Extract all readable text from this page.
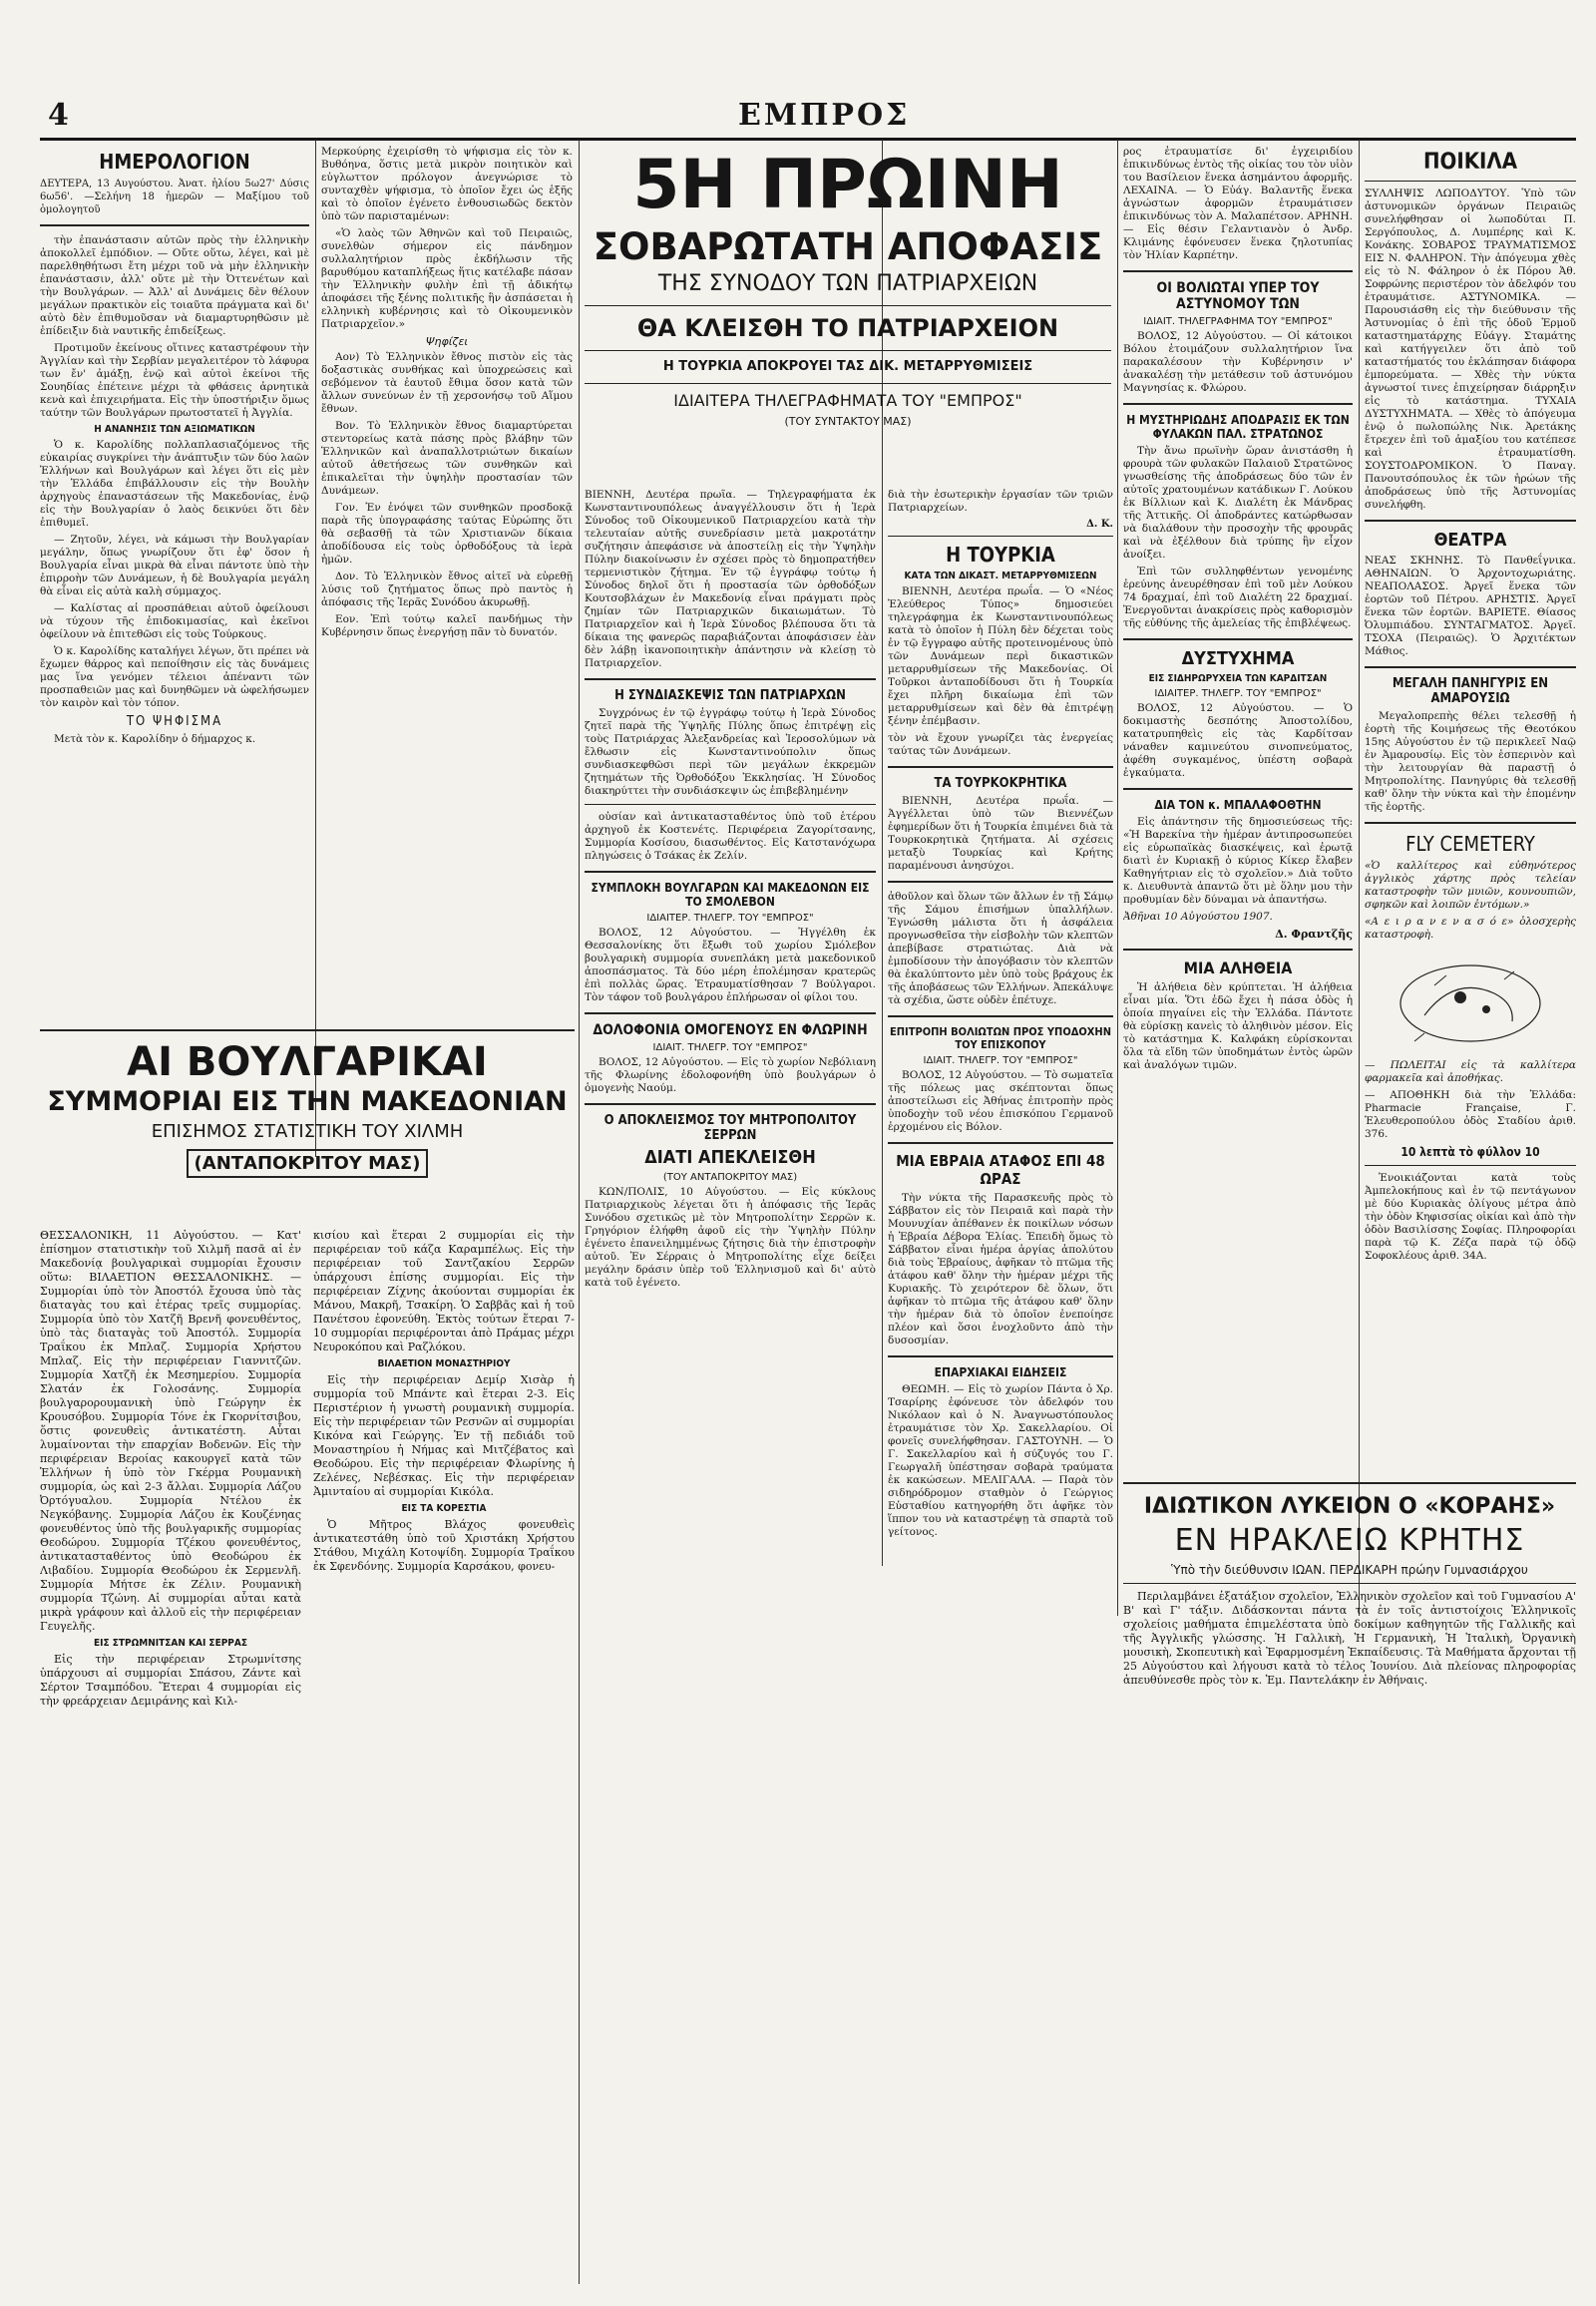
4	ΕΜΠΡΟΣ
ΗΜΕΡΟΛΟΓΙΟΝ

ΔΕΥΤΕΡΑ, 13 Αυγούστου. Ἀνατ. ἡλίου 5ω27' Δύσις 6ω56'. —Σελήνη 18 ἡμερῶν — Μαξίμου τοῦ ὁμολογητοῦ

τὴν ἐπανάστασιν αὐτῶν πρὸς τὴν ἑλληνικὴν ἀποκολλεῖ ἐμπόδιον. — Οὔτε οὕτω, λέγει, καὶ μὲ παρελθηθήτωσι ἔτη μέχρι τοῦ νὰ μὴν ἑλληνικὴν ἐπανάστασιν, ἀλλ' οὔτε μὲ τὴν Ὀττενέτων καὶ τὴν Βουλγάρων. — Ἀλλ' αἱ Δυνάμεις δὲν θέλουν μεγάλων πρακτικὸν εἰς τοιαῦτα πράγματα καὶ δι' αὐτὸ δὲν ἐπιθυμοῦσαν νὰ διαμαρτυρηθῶσιν μὲ ἐπίδειξιν διὰ ναυτικῆς ἐπιδείξεως.

Προτιμοῦν ἐκείνους οἵτινες καταστρέφουν τὴν Ἀγγλίαν καὶ τὴν Σερβίαν μεγαλειτέρον τὸ λάφυρα των ἔν' ἀμάξῃ, ἐνῷ καὶ αὐτοὶ ἐκείνοι τῆς Σουηδίας ἐπέτεινε μέχρι τὰ φθάσεις ἀρνητικὰ κενὰ καὶ ἐπιχειρήματα. Εἰς τὴν ὑποστήριξιν ὅμως ταύτην τῶν Βουλγάρων πρωτοστατεῖ ἡ Ἀγγλία.

Η ΑΝΑΝΗΣΙΣ ΤΩΝ ΑΞΙΩΜΑΤΙΚΩΝ

Ὁ κ. Καρολίδης πολλαπλασιαζόμενος τῆς εὐκαιρίας συγκρίνει τὴν ἀνάπτυξιν τῶν δύο λαῶν Ἑλλήνων καὶ Βουλγάρων καὶ λέγει ὅτι εἰς μὲν τὴν Ἑλλάδα ἐπιβάλλουσιν εἰς τὴν Βουλὴν ἀρχηγοὺς ἐπαναστάσεων τῆς Μακεδονίας, ἐνῷ εἰς τὴν Βουλγαρίαν ὁ λαὸς δεικνύει ὅτι δὲν ἐπιθυμεῖ.

— Ζητοῦν, λέγει, νὰ κάμωσι τὴν Βουλγαρίαν μεγάλην, ὅπως γνωρίζουν ὅτι ἐφ' ὅσον ἡ Βουλγαρία εἶναι μικρὰ θὰ εἶναι πάντοτε ὑπὸ τὴν ἐπιρροὴν τῶν Δυνάμεων, ἡ δὲ Βουλγαρία μεγάλη θὰ εἶναι εἰς αὐτὰ καλὴ σύμμαχος.

— Καλίστας αἱ προσπάθειαι αὐτοῦ ὀφείλουσι νὰ τύχουν τῆς ἐπιδοκιμασίας, καὶ ἐκεῖνοι ὀφείλουν νὰ ἐπιτεθῶσι εἰς τοὺς Τούρκους.

Ὁ κ. Καρολίδης καταλήγει λέγων, ὅτι πρέπει νὰ ἔχωμεν θάρρος καὶ πεποίθησιν εἰς τὰς δυνάμεις μας ἵνα γενόμεν τέλειοι ἀπέναντι τῶν προσπαθειῶν μας καὶ δυνηθῶμεν νὰ ὠφελήσωμεν τὸν καιρὸν καὶ τὸν τόπον.

ΤΟ ΨΗΦΙΣΜΑ

Μετὰ τὸν κ. Καρολίδην ὁ δήμαρχος κ.

Μερκούρης ἐχειρίσθη τὸ ψήφισμα εἰς τὸν κ. Βυθόηνα, ὅστις μετὰ μικρὸν ποιητικὸν καὶ εὐγλωττον πρόλογον ἀνεγνώρισε τὸ συνταχθὲν ψήφισμα, τὸ ὁποῖον ἔχει ὡς ἑξῆς καὶ τὸ ὁποῖον ἐγένετο ἐνθουσιωδῶς δεκτὸν ὑπὸ τῶν παρισταμένων:

«Ὁ λαὸς τῶν Ἀθηνῶν καὶ τοῦ Πειραιῶς, συνελθὼν σήμερον εἰς πάνδημον συλλαλητήριον πρὸς ἐκδήλωσιν τῆς βαρυθύμου καταπλήξεως ἥτις κατέλαβε πάσαν τὴν Ἑλληνικὴν φυλὴν ἐπὶ τῇ ἀδικήτῳ ἀποφάσει τῆς ξένης πολιτικῆς ἣν ἀσπάσεται ἡ ελληνικὴ κυβέρνησις καὶ τὸ Οἰκουμενικὸν Πατριαρχεῖον.»

Ψηφίζει

Αον) Τὸ Ἑλληνικὸν ἔθνος πιστὸν εἰς τὰς δοξαστικὰς συνθήκας καὶ ὑποχρεώσεις καὶ σεβόμενον τὰ ἐαυτοῦ ἔθιμα ὅσον κατὰ τῶν ἄλλων συνεύνων ἐν τῇ χερσονήσῳ τοῦ Αἵμου ἔθνων.

Βον. Τὸ Ἑλληνικὸν ἔθνος διαμαρτύρεται στεντορείως κατὰ πάσης πρὸς βλάβην τῶν Ἑλληνικῶν καὶ ἀναπαλλοτριώτων δικαίων αὐτοῦ ἀθετήσεως τῶν συνθηκῶν καὶ ἐπικαλεῖται τὴν ὑψηλὴν προστασίαν τῶν Δυνάμεων.

Γον. Ἐν ἐνόψει τῶν συνθηκῶν προσδοκᾷ παρὰ τῆς ὑπογραφάσης ταύτας Εὐρώπης ὅτι θὰ σεβασθῇ τὰ τῶν Χριστιανῶν δίκαια ἀποδίδουσα εἰς τοὺς ὀρθοδόξους τὰ ἱερὰ ἡμῶν.

Δον. Τὸ Ἑλληνικὸν ἔθνος αἰτεῖ νὰ εὑρεθῇ λύσις τοῦ ζητήματος ὅπως πρὸ παντὸς ἡ ἀπόφασις τῆς Ἱερᾶς Συνόδου ἀκυρωθῇ.

Εον. Ἐπὶ τούτῳ καλεῖ πανδήμως τὴν Κυβέρνησιν ὅπως ἐνεργήσῃ πᾶν τὸ δυνατόν.

ΑΙ ΒΟΥΛΓΑΡΙΚΑΙ
ΣΥΜΜΟΡΙΑΙ ΕΙΣ ΤΗΝ ΜΑΚΕΔΟΝΙΑΝ
ΕΠΙΣΗΜΟΣ ΣΤΑΤΙΣΤΙΚΗ ΤΟΥ ΧΙΛΜΗ
(ΑΝΤΑΠΟΚΡΙΤΟΥ ΜΑΣ)

ΘΕΣΣΑΛΟΝΙΚΗ, 11 Αὐγούστου. — Κατ' ἐπίσημον στατιστικὴν τοῦ Χιλμῆ πασᾶ αἱ ἐν Μακεδονίᾳ βουλγαρικαὶ συμμορίαι ἔχουσιν οὕτω: ΒΙΛΑΕΤΙΟΝ ΘΕΣΣΑΛΟΝΙΚΗΣ. — Συμμορίαι ὑπὸ τὸν Ἀποστόλ ἔχουσα ὑπὸ τὰς διαταγὰς του καὶ ἑτέρας τρεῖς συμμορίας. Συμμορία ὑπὸ τὸν Χατζῆ Βρενῆ φονευθέντος, ὑπὸ τὰς διαταγὰς τοῦ Ἀποστόλ. Συμμορία Τραΐκου ἐκ Μπλαζ. Συμμορία Χρήστου Μπλαζ. Εἰς τὴν περιφέρειαν Γιαννιτζῶν. Συμμορία Χατζῆ ἐκ Μεσημερίου. Συμμορία Σλατάν ἐκ Γολοσάνης. Συμμορία βουλγαρορουμανικὴ ὑπὸ Γεώργην ἐκ Κρουσόβου. Συμμορία Τόνε ἐκ Γκορνίτσιβου, ὅστις φονευθεὶς ἀντικατέστη. Αὗται λυμαίνονται τὴν επαρχίαν Βοδενῶν. Εἰς τὴν περιφέρειαν Βεροίας κακουργεῖ κατὰ τῶν Ἑλλήνων ἡ ὑπὸ τὸν Γκέρμα Ρουμανικὴ συμμορία, ὡς καὶ 2-3 ἄλλαι. Συμμορία Λάζου Ὀρτόγυαλου. Συμμορία Ντέλου ἐκ Νεγκόβανης. Συμμορία Λάζου ἐκ Κουζένηας φονευθέντος ὑπὸ τῆς βουλγαρικῆς συμμορίας Θεοδώρου. Συμμορία Τζέκου φονευθέντος, ἀντικατασταθέντος ὑπὸ Θεοδώρου ἐκ Λιβαδίου. Συμμορία Θεοδώρου ἐκ Σερμενλῆ. Συμμορία Μήτσε ἐκ Ζέλιν. Ρουμανικὴ συμμορία Τζώνη. Αἱ συμμορίαι αὗται κατὰ μικρὰ γράφουν καὶ ἀλλοῦ εἰς τὴν περιφέρειαν Γευγελῆς.

ΕΙΣ ΣΤΡΩΜΝΙΤΣΑΝ ΚΑΙ ΣΕΡΡΑΣ

Εἰς τὴν περιφέρειαν Στρωμνίτσης ὑπάρχουσι αἱ συμμορίαι Σπάσου, Ζάντε καὶ Σέρτον Τσαμπόδου. Ἕτεραι 4 συμμορίαι εἰς τὴν φρεάρχειαν Δεμιράνης καὶ Κιλ-

κισίου καὶ ἕτεραι 2 συμμορίαι εἰς τὴν περιφέρειαν τοῦ κάζα Καραμπέλως. Εἰς τὴν περιφέρειαν τοῦ Σαντζακίου Σερρῶν ὑπάρχουσι ἐπίσης συμμορίαι. Εἰς τὴν περιφέρειαν Ζίχνης ἀκούονται συμμορίαι ἐκ Μάνου, Μακρῆ, Τσακίρη. Ὁ Σαββᾶς καὶ ἡ τοῦ Πανέτσου ἐφονεύθη. Ἑκτὸς τούτων ἕτεραι 7-10 συμμορίαι περιφέρονται ἀπὸ Πράμας μέχρι Νευροκόπου καὶ Ραζλόκου.

ΒΙΛΑΕΤΙΟΝ ΜΟΝΑΣΤΗΡΙΟΥ

Εἰς τὴν περιφέρειαν Δεμίρ Χισὰρ ἡ συμμορία τοῦ Μπάντε καὶ ἕτεραι 2-3. Εἰς Περιστέριον ἡ γνωστὴ ρουμανικὴ συμμορία. Εἰς τὴν περιφέρειαν τῶν Ρεσνῶν αἱ συμμορίαι Κικόνα καὶ Γεώργης. Ἐν τῇ πεδιάδι τοῦ Μοναστηρίου ἡ Νήμας καὶ Μιτζέβατος καὶ Θεοδώρου. Εἰς τὴν περιφέρειαν Φλωρίνης ἡ Ζελένες, Νεβέσκας. Εἰς τὴν περιφέρειαν Ἀμινταίου αἱ συμμορίαι Κικόλα.

ΕΙΣ ΤΑ ΚΟΡΕΣΤΙΑ

Ὁ Μῆτρος Βλάχος φονευθεὶς ἀντικατεστάθη ὑπὸ τοῦ Χριστάκη Χρήστου Στάθου, Μιχάλη Κοτοψίδη. Συμμορία Τραΐκου ἐκ Σφενδόνης. Συμμορία Καρσάκου, φονευ-

5Η ΠΡΩΙΝΗ
ΣΟΒΑΡΩΤΑΤΗ ΑΠΟΦΑΣΙΣ
ΤΗΣ ΣΥΝΟΔΟΥ ΤΩΝ ΠΑΤΡΙΑΡΧΕΙΩΝ
ΘΑ ΚΛΕΙΣΘΗ ΤΟ ΠΑΤΡΙΑΡΧΕΙΟΝ
Η ΤΟΥΡΚΙΑ ΑΠΟΚΡΟΥΕΙ ΤΑΣ ΔΙΚ. ΜΕΤΑΡΡΥΘΜΙΣΕΙΣ
ΙΔΙΑΙΤΕΡΑ ΤΗΛΕΓΡΑΦΗΜΑΤΑ ΤΟΥ "ΕΜΠΡΟΣ"
(ΤΟΥ ΣΥΝΤΑΚΤΟΥ ΜΑΣ)

ΒΙΕΝΝΗ, Δευτέρα πρωΐα. — Τηλεγραφήματα ἐκ Κωνσταντινουπόλεως ἀναγγέλλουσιν ὅτι ἡ Ἱερὰ Σύνοδος τοῦ Οἰκουμενικοῦ Πατριαρχείου κατὰ τὴν τελευταίαν αὐτῆς συνεδρίασιν μετὰ μακροτάτην συζήτησιν ἀπεφάσισε νὰ ἀποστείλῃ εἰς τὴν Ὑψηλὴν Πύλην διακοίνωσιν ἐν σχέσει πρὸς τὸ δημοπρατήθεν τερμενιστικὸν ζήτημα. Ἐν τῷ ἐγγράφῳ τούτῳ ἡ Σύνοδος δηλοῖ ὅτι ἡ προστασία τῶν ὀρθοδόξων Κουτσοβλάχων ἐν Μακεδονίᾳ εἶναι πράγματι πρὸς ζημίαν τῶν Πατριαρχικῶν δικαιωμάτων. Τὸ Πατριαρχεῖον καὶ ἡ Ἱερὰ Σύνοδος βλέπουσα ὅτι τὰ δίκαια της φανερῶς παραβιάζονται ἀποφάσισεν ἐὰν δὲν λάβῃ ἱκανοποιητικὴν ἀπάντησιν νὰ κλείσῃ τὸ Πατριαρχεῖον.

Η ΣΥΝΔΙΑΣΚΕΨΙΣ ΤΩΝ ΠΑΤΡΙΑΡΧΩΝ

Συγχρόνως ἐν τῷ ἐγγράφῳ τούτῳ ἡ Ἱερὰ Σύνοδος ζητεῖ παρὰ τῆς Ὑψηλῆς Πύλης ὅπως ἐπιτρέψῃ εἰς τοὺς Πατριάρχας Ἀλεξανδρείας καὶ Ἱεροσολύμων νὰ ἔλθωσιν εἰς Κωνσταντινούπολιν ὅπως συνδιασκεφθῶσι περὶ τῶν μεγάλων ἐκκρεμῶν ζητημάτων τῆς Ὀρθοδόξου Ἐκκλησίας. Ἡ Σύνοδος διακηρύττει τὴν συνδιάσκεψιν ὡς ἐπιβεβλημένην

οὐσίαν καὶ ἀντικατασταθέντος ὑπὸ τοῦ ἑτέρου ἀρχηγοῦ ἐκ Κοστενέτς. Περιφέρεια Ζαγορίτσανης, Συμμορία Κοσίσου, διασωθέντος. Εἰς Κατστανόχωρα πληγώσεις ὁ Τσάκας ἐκ Ζελίν.

ΣΥΜΠΛΟΚΗ ΒΟΥΛΓΑΡΩΝ ΚΑΙ ΜΑΚΕΔΟΝΩΝ ΕΙΣ ΤΟ ΣΜΟΛΕΒΟΝ
ΙΔΙΑΙΤΕΡ. ΤΗΛΕΓΡ. ΤΟΥ "ΕΜΠΡΟΣ"

ΒΟΛΟΣ, 12 Αὐγούστου. — Ἠγγέλθη ἐκ Θεσσαλονίκης ὅτι ἔξωθι τοῦ χωρίου Σμόλεβον βουλγαρικὴ συμμορία συνεπλάκη μετὰ μακεδονικοῦ ἀποσπάσματος. Τὰ δύο μέρη ἐπολέμησαν κρατερῶς ἐπὶ πολλὰς ὥρας. Ἐτραυματίσθησαν 7 Βούλγαροι. Τὸν τάφον τοῦ βουλγάρου ἐπλήρωσαν οἱ φίλοι του.

ΔΟΛΟΦΟΝΙΑ ΟΜΟΓΕΝΟΥΣ ΕΝ ΦΛΩΡΙΝΗ
ΙΔΙΑΙΤ. ΤΗΛΕΓΡ. ΤΟΥ "ΕΜΠΡΟΣ"

ΒΟΛΟΣ, 12 Αὐγούστου. — Εἰς τὸ χωρίον Νεβόλιανη τῆς Φλωρίνης ἐδολοφονήθη ὑπὸ βουλγάρων ὁ ὁμογενὴς Ναούμ.

Ο ΑΠΟΚΛΕΙΣΜΟΣ ΤΟΥ ΜΗΤΡΟΠΟΛΙΤΟΥ ΣΕΡΡΩΝ
ΔΙΑΤΙ ΑΠΕΚΛΕΙΣΘΗ
(ΤΟΥ ΑΝΤΑΠΟΚΡΙΤΟΥ ΜΑΣ)

ΚΩΝ/ΠΟΛΙΣ, 10 Αὐγούστου. — Εἰς κύκλους Πατριαρχικοὺς λέγεται ὅτι ἡ ἀπόφασις τῆς Ἱερᾶς Συνόδου σχετικῶς μὲ τὸν Μητροπολίτην Σερρῶν κ. Γρηγόριον ἐλήφθη ἀφοῦ εἰς τὴν Ὑψηλὴν Πύλην ἐγένετο ἐπανειλημμένως ζήτησις διὰ τὴν ἐπιστροφὴν αὐτοῦ. Ἐν Σέρραις ὁ Μητροπολίτης εἶχε δείξει μεγάλην δράσιν ὑπὲρ τοῦ Ἑλληνισμοῦ καὶ δι' αὐτὸ κατὰ τοῦ ἐγένετο.

διὰ τὴν ἐσωτερικὴν ἐργασίαν τῶν τριῶν Πατριαρχείων.

Δ. Κ.
Η ΤΟΥΡΚΙΑ
ΚΑΤΑ ΤΩΝ ΔΙΚΑΣΤ. ΜΕΤΑΡΡΥΘΜΙΣΕΩΝ

ΒΙΕΝΝΗ, Δευτέρα πρωΐα. — Ὁ «Νέος Ἐλεύθερος Τύπος» δημοσιεύει τηλεγράφημα ἐκ Κωνσταντινουπόλεως κατὰ τὸ ὁποῖον ἡ Πύλη δὲν δέχεται τοὺς ἐν τῷ ἔγγραφο αὐτῆς προτεινομένους ὑπὸ τῶν Δυνάμεων περὶ δικαστικῶν μεταρρυθμίσεων τῆς Μακεδονίας. Οἱ Τοῦρκοι ἀνταποδίδουσι ὅτι ἡ Τουρκία ἔχει πλῆρη δικαίωμα ἐπὶ τῶν μεταρρυθμίσεων καὶ δὲν θὰ ἐπιτρέψῃ ξένην ἐπέμβασιν.

τὸν νὰ ἔχουν γνωρίζει τὰς ἐνεργείας ταύτας τῶν Δυνάμεων.

ΤΑ ΤΟΥΡΚΟΚΡΗΤΙΚΑ

ΒΙΕΝΝΗ, Δευτέρα πρωΐα. — Ἀγγέλλεται ὑπὸ τῶν Βιεννέζων ἐφημερίδων ὅτι ἡ Τουρκία ἐπιμένει διὰ τὰ Τουρκοκρητικὰ ζητήματα. Αἱ σχέσεις μεταξὺ Τουρκίας καὶ Κρήτης παραμένουσι ἀνησύχοι.

ἀθοῦλον καὶ ὅλων τῶν ἄλλων ἐν τῇ Σάμῳ τῆς Σάμου ἐπισήμων ὑπαλλήλων. Ἐγνώσθη μάλιστα ὅτι ἡ ἀσφάλεια προγνωσθεῖσα τὴν εἰσβολὴν τῶν κλεπτῶν ἀπεβίβασε στρατιώτας. Διὰ νὰ ἐμποδίσουν τὴν ἀπογόβασιν τὸν κλεπτῶν θὰ ἐκαλύπτοντο μὲν ὑπὸ τοὺς βράχους ἐκ τῆς ἀποβάσεως τῶν Ἑλλήνων. Ἀπεκάλυψε τὰ σχέδια, ὥστε οὐδὲν ἐπέτυχε.

ΕΠΙΤΡΟΠΗ ΒΟΛΙΩΤΩΝ ΠΡΟΣ ΥΠΟΔΟΧΗΝ ΤΟΥ ΕΠΙΣΚΟΠΟΥ
ΙΔΙΑΙΤ. ΤΗΛΕΓΡ. ΤΟΥ "ΕΜΠΡΟΣ"

ΒΟΛΟΣ, 12 Αὐγούστου. — Τὸ σωματεῖα τῆς πόλεως μας σκέπτονται ὅπως ἀποστείλωσι εἰς Ἀθήνας ἐπιτροπὴν πρὸς ὑποδοχὴν τοῦ νέου ἐπισκόπου Γερμανοῦ ἐρχομένου εἰς Βόλον.

ΜΙΑ ΕΒΡΑΙΑ ΑΤΑΦΟΣ ΕΠΙ 48 ΩΡΑΣ

Τὴν νύκτα τῆς Παρασκευῆς πρὸς τὸ Σάββατον εἰς τὸν Πειραιᾶ καὶ παρὰ τὴν Μουνυχίαν ἀπέθανεν ἐκ ποικίλων νόσων ἡ Ἑβραία Δέβορα Ἐλίας. Ἐπειδὴ ὅμως τὸ Σάββατον εἶναι ἡμέρα ἀργίας ἀπολύτου διὰ τοὺς Ἑβραίους, ἀφῆκαν τὸ πτῶμα τῆς ἀτάφου καθ' ὅλην τὴν ἡμέραν μέχρι τῆς Κυριακῆς. Τὸ χειρότερον δὲ ὅλων, ὅτι ἀφῆκαν τὸ πτῶμα τῆς ἀτάφου καθ' ὅλην τὴν ἡμέραν διὰ τὸ ὁποῖον ἐνεποίησε πλέον καὶ ὅσοι ἐνοχλοῦντο ἀπὸ τὴν δυσοσμίαν.

ΕΠΑΡΧΙΑΚΑΙ ΕΙΔΗΣΕΙΣ

ΘΕΩΜΗ. — Εἰς τὸ χωρίον Πάντα ὁ Χρ. Τσαρίρης ἐφόνευσε τὸν ἀδελφόν του Νικόλαον καὶ ὁ Ν. Ἀναγνωστόπουλος ἐτραυμάτισε τὸν Χρ. Σακελλαρίου. Οἱ φονεῖς συνελήφθησαν. ΓΑΣΤΟΥΝΗ. — Ὁ Γ. Σακελλαρίου καὶ ἡ σύζυγός του Γ. Γεωργαλῆ ὑπέστησαν σοβαρὰ τραύματα ἐκ κακώσεων. ΜΕΛΙΓΑΛΑ. — Παρὰ τὸν σιδηρόδρομον σταθμὸν ὁ Γεώργιος Εὐσταθίου κατηγορήθη ὅτι ἀφῆκε τὸν ἵππον του νὰ καταστρέψῃ τὰ σπαρτὰ τοῦ γείτονος.

ρος ἐτραυματίσε δι' ἐγχειριδίου ἐπικινδύνως ἐντὸς τῆς οἰκίας του τὸν υἱὸν του Βασίλειον ἕνεκα ἀσημάντου ἀφορμῆς. ΛΕΧΑΙΝΑ. — Ὁ Εὐάγ. Βαλαντῆς ἕνεκα ἀγνώστων ἀφορμῶν ἐτραυμάτισεν ἐπικινδύνως τὸν Α. Μαλαπέτσον. ΑΡΗΝΗ. — Εἰς θέσιν Γελαντιανὸν ὁ Ἀνδρ. Κλιμάνης ἐφόνευσεν ἕνεκα ζηλοτυπίας τὸν Ἠλίαν Καρπέτην.

ΟΙ ΒΟΛΙΩΤΑΙ ΥΠΕΡ ΤΟΥ ΑΣΤΥΝΟΜΟΥ ΤΩΝ
ΙΔΙΑΙΤ. ΤΗΛΕΓΡΑΦΗΜΑ ΤΟΥ "ΕΜΠΡΟΣ"

ΒΟΛΟΣ, 12 Αὐγούστου. — Οἱ κάτοικοι Βόλου ἐτοιμάζουν συλλαλητήριον ἵνα παρακαλέσουν τὴν Κυβέρνησιν ν' ἀνακαλέσῃ τὴν μετάθεσιν τοῦ ἀστυνόμου Μαγνησίας κ. Φλώρου.

Η ΜΥΣΤΗΡΙΩΔΗΣ ΑΠΟΔΡΑΣΙΣ ΕΚ ΤΩΝ ΦΥΛΑΚΩΝ ΠΑΛ. ΣΤΡΑΤΩΝΟΣ

Τὴν ἄνω πρωϊνὴν ὥραν ἀνιστάσθη ἡ φρουρὰ τῶν φυλακῶν Παλαιοῦ Στρατῶνος γνωσθείσης τῆς ἀποδράσεως δύο τῶν ἐν αὐτοῖς χρατουμένων κατάδικων Γ. Λούκου ἐκ Βίλλιων καὶ Κ. Διαλέτη ἐκ Μάνδρας τῆς Ἀττικῆς. Οἱ ἀποδράντες κατώρθωσαν νὰ διαλάθουν τὴν προσοχὴν τῆς φρουρᾶς καὶ νὰ ἐξέλθουν διὰ τρύπης ἣν εἶχον ἀνοίξει.

Ἐπὶ τῶν συλληφθέντων γενομένης ἐρεύνης ἀνευρέθησαν ἐπὶ τοῦ μὲν Λούκου 74 δραχμαί, ἐπὶ τοῦ Διαλέτη 22 δραχμαί. Ἐνεργοῦνται ἀνακρίσεις πρὸς καθορισμὸν τῆς εὐθύνης τῆς ἀμελείας τῆς ἐπιβλέψεως.

ΔΥΣΤΥΧΗΜΑ
ΕΙΣ ΣΙΔΗΡΩΡΥΧΕΙΑ ΤΩΝ ΚΑΡΔΙΤΣΑΝ
ΙΔΙΑΙΤΕΡ. ΤΗΛΕΓΡ. ΤΟΥ "ΕΜΠΡΟΣ"

ΒΟΛΟΣ, 12 Αὐγούστου. — Ὁ δοκιμαστὴς δεσπότης Ἀποστολίδου, κατατρυπηθεὶς εἰς τὰς Καρδίτσαν νάναθεν καμινεύτου σινοπνεύματος, ἀφέθη συγκαμένος, ὑπέστη σοβαρὰ ἐγκαύματα.

ΔΙΑ ΤΟΝ κ. ΜΠΑΛΑΦΟΘΤΗΝ

Εἰς ἀπάντησιν τῆς δημοσιεύσεως τῆς: «Ἡ Βαρεκίνα τὴν ἡμέραν ἀντιπροσωπεύει εἰς εὐρωπαϊκὰς διασκέψεις, καὶ ἐρωτᾷ διατὶ ἐν Κυριακῇ ὁ κύριος Κίκερ ἔλαβεν Καθηγήτριαν εἰς τὸ σχολεῖον.» Διὰ τοῦτο κ. Διευθυντὰ ἀπαντῶ ὅτι μὲ ὅλην μου τὴν προθυμίαν δὲν δύναμαι νὰ ἀπαντήσω.

Ἀθῆναι 10 Αὐγούστου 1907.

Δ. Φραντζῆς
ΜΙΑ ΑΛΗΘΕΙΑ

Ἡ ἀλήθεια δὲν κρύπτεται. Ἡ ἀλήθεια εἶναι μία. Ὅτι ἐδῶ ἔχει ἡ πάσα ὁδὸς ἡ ὁποία πηγαίνει εἰς τὴν Ἑλλάδα. Πάντοτε θὰ εὑρίσκῃ κανεὶς τὸ ἀληθινὸν μέσον. Εἰς τὸ κατάστημα Κ. Καλφάκη εὑρίσκονται ὅλα τὰ εἴδη τῶν ὑποδημάτων ἐντὸς ὡρῶν καὶ ἀναλόγων τιμῶν.

ΠΟΙΚΙΛΑ

ΣΥΛΛΗΨΙΣ ΛΩΠΟΔΥΤΟΥ. Ὑπὸ τῶν ἀστυνομικῶν ὀργάνων Πειραιῶς συνελήφθησαν οἱ λωποδύται Π. Σεργόπουλος, Δ. Λυμπέρης καὶ Κ. Κονάκης. ΣΟΒΑΡΟΣ ΤΡΑΥΜΑΤΙΣΜΟΣ ΕΙΣ Ν. ΦΑΛΗΡΟΝ. Τὴν ἀπόγευμα χθὲς εἰς τὸ Ν. Φάληρον ὁ ἐκ Πόρου Ἀθ. Σοφρώνης περιστέρον τὸν ἀδελφόν του ἐτραυμάτισε. ΑΣΤΥΝΟΜΙΚΑ. — Παρουσιάσθη εἰς τὴν διεύθυνσιν τῆς Ἀστυνομίας ὁ ἐπὶ τῆς ὁδοῦ Ἑρμοῦ καταστηματάρχης Εὐάγγ. Σταμάτης καὶ κατήγγειλεν ὅτι ἀπὸ τοῦ καταστήματός του ἐκλάπησαν διάφορα ἐμπορεύματα. — Χθὲς τὴν νύκτα ἀγνωστοί τινες ἐπιχείρησαν διάρρηξιν εἰς τὸ κατάστημα. ΤΥΧΑΙΑ ΔΥΣΤΥΧΗΜΑΤΑ. — Χθὲς τὸ ἀπόγευμα ἐνῷ ὁ πωλοπώλης Νικ. Ἀρετάκης ἔτρεχεν ἐπὶ τοῦ ἀμαξίου του κατέπεσε καὶ ἐτραυματίσθη. ΣΟΥΣΤΟΔΡΟΜΙΚΟΝ. Ὁ Παναγ. Πανουτσόπουλος ἐκ τῶν ἡρώων τῆς ἀποδράσεως ὑπὸ τῆς Ἀστυνομίας συνελήφθη.

ΘΕΑΤΡΑ

ΝΕΑΣ ΣΚΗΝΗΣ. Τὸ Πανθεΐγνικα. ΑΘΗΝΑΙΩΝ. Ὁ Ἀρχοντοχωριάτης. ΝΕΑΠΟΛΑΣΟΣ. Ἀργεῖ ἕνεκα τῶν ἐορτῶν τοῦ Πέτρου. ΑΡΗΣΤΙΣ. Ἀργεῖ ἕνεκα τῶν ἐορτῶν. ΒΑΡΙΕΤΕ. Θίασος Ὀλυμπιάδου. ΣΥΝΤΑΓΜΑΤΟΣ. Ἀργεῖ. ΤΣΟΧΑ (Πειραιῶς). Ὁ Ἀρχιτέκτων Μάθιος.

ΜΕΓΑΛΗ ΠΑΝΗΓΥΡΙΣ ΕΝ ΑΜΑΡΟΥΣΙΩ

Μεγαλοπρεπὴς θέλει τελεσθῇ ἡ ἑορτὴ τῆς Κοιμήσεως τῆς Θεοτόκου 15ης Αὐγούστου ἐν τῷ περικλεεῖ Ναῷ ἐν Ἀμαρουσίῳ. Εἰς τὸν ἑσπερινὸν καὶ τὴν λειτουργίαν θὰ παραστῇ ὁ Μητροπολίτης. Πανηγύρις θὰ τελεσθῇ καθ' ὅλην τὴν νύκτα καὶ τὴν ἑπομένην τῆς ἑορτῆς.

FLY CEMETERY

«Ὁ καλλίτερος καὶ εὐθηνότερος ἀγγλικὸς χάρτης πρὸς τελείαν καταστροφὴν τῶν μυιῶν, κουνουπιῶν, σφηκῶν καὶ λοιπῶν ἐντόμων.»

«Α ε ι ρ α ν ε ν α σ ό ε» ὁλοσχερὴς καταστροφὴ.

— ΠΩΛΕΙΤΑΙ εἰς τὰ καλλίτερα φαρμακεῖα καὶ ἀποθήκας.

— ΑΠΟΘΗΚΗ διὰ τὴν Ἑλλάδα: Pharmacie Française, Γ. Ἐλευθεροπούλου ὁδὸς Σταδίου ἀριθ. 376.

10 λεπτὰ τὸ φύλλον 10

Ἐνοικιάζονται κατὰ τοὺς Ἀμπελοκήπους καὶ ἐν τῷ πεντάγωνον μὲ δύο Κυριακὰς ὀλίγους μέτρα ἀπὸ τὴν ὁδὸν Κηφισσίας οἰκίαι καὶ ἀπὸ τὴν ὁδὸν Βασιλίσσης Σοφίας. Πληροφορίαι παρὰ τῷ Κ. Ζέζα παρὰ τῷ ὁδῷ Σοφοκλέους ἀριθ. 34Α.

ΙΔΙΩΤΙΚΟΝ ΛΥΚΕΙΟΝ Ο «ΚΟΡΑΗΣ»
ΕΝ ΗΡΑΚΛΕΙΩ ΚΡΗΤΗΣ
Ὑπὸ τὴν διεύθυνσιν ΙΩΑΝ. ΠΕΡΔΙΚΑΡΗ πρώην Γυμνασιάρχου

Περιλαμβάνει ἑξατάξιον σχολεῖον, Ἑλληνικὸν σχολεῖον καὶ τοῦ Γυμνασίου Α' Β' καὶ Γ' τάξιν. Διδάσκονται πάντα τὰ ἐν τοῖς ἀντιστοίχοις Ἑλληνικοῖς σχολείοις μαθήματα ἐπιμελέστατα ὑπὸ δοκίμων καθηγητῶν τῆς Γαλλικῆς καὶ τῆς Ἀγγλικῆς γλώσσης. Ἡ Γαλλικὴ, Ἡ Γερμανικὴ, Ἡ Ἰταλικὴ, Ὀργανικὴ μουσικὴ, Σκοπευτικὴ καὶ Ἐφαρμοσμένη Ἐκπαίδευσις. Τὰ Μαθήματα ἄρχονται τῇ 25 Αὐγούστου καὶ λήγουσι κατὰ τὸ τέλος Ἰουνίου. Διὰ πλείονας πληροφορίας ἀπευθύνεσθε πρὸς τὸν κ. Ἐμ. Παντελάκην ἐν Ἀθήναις.
